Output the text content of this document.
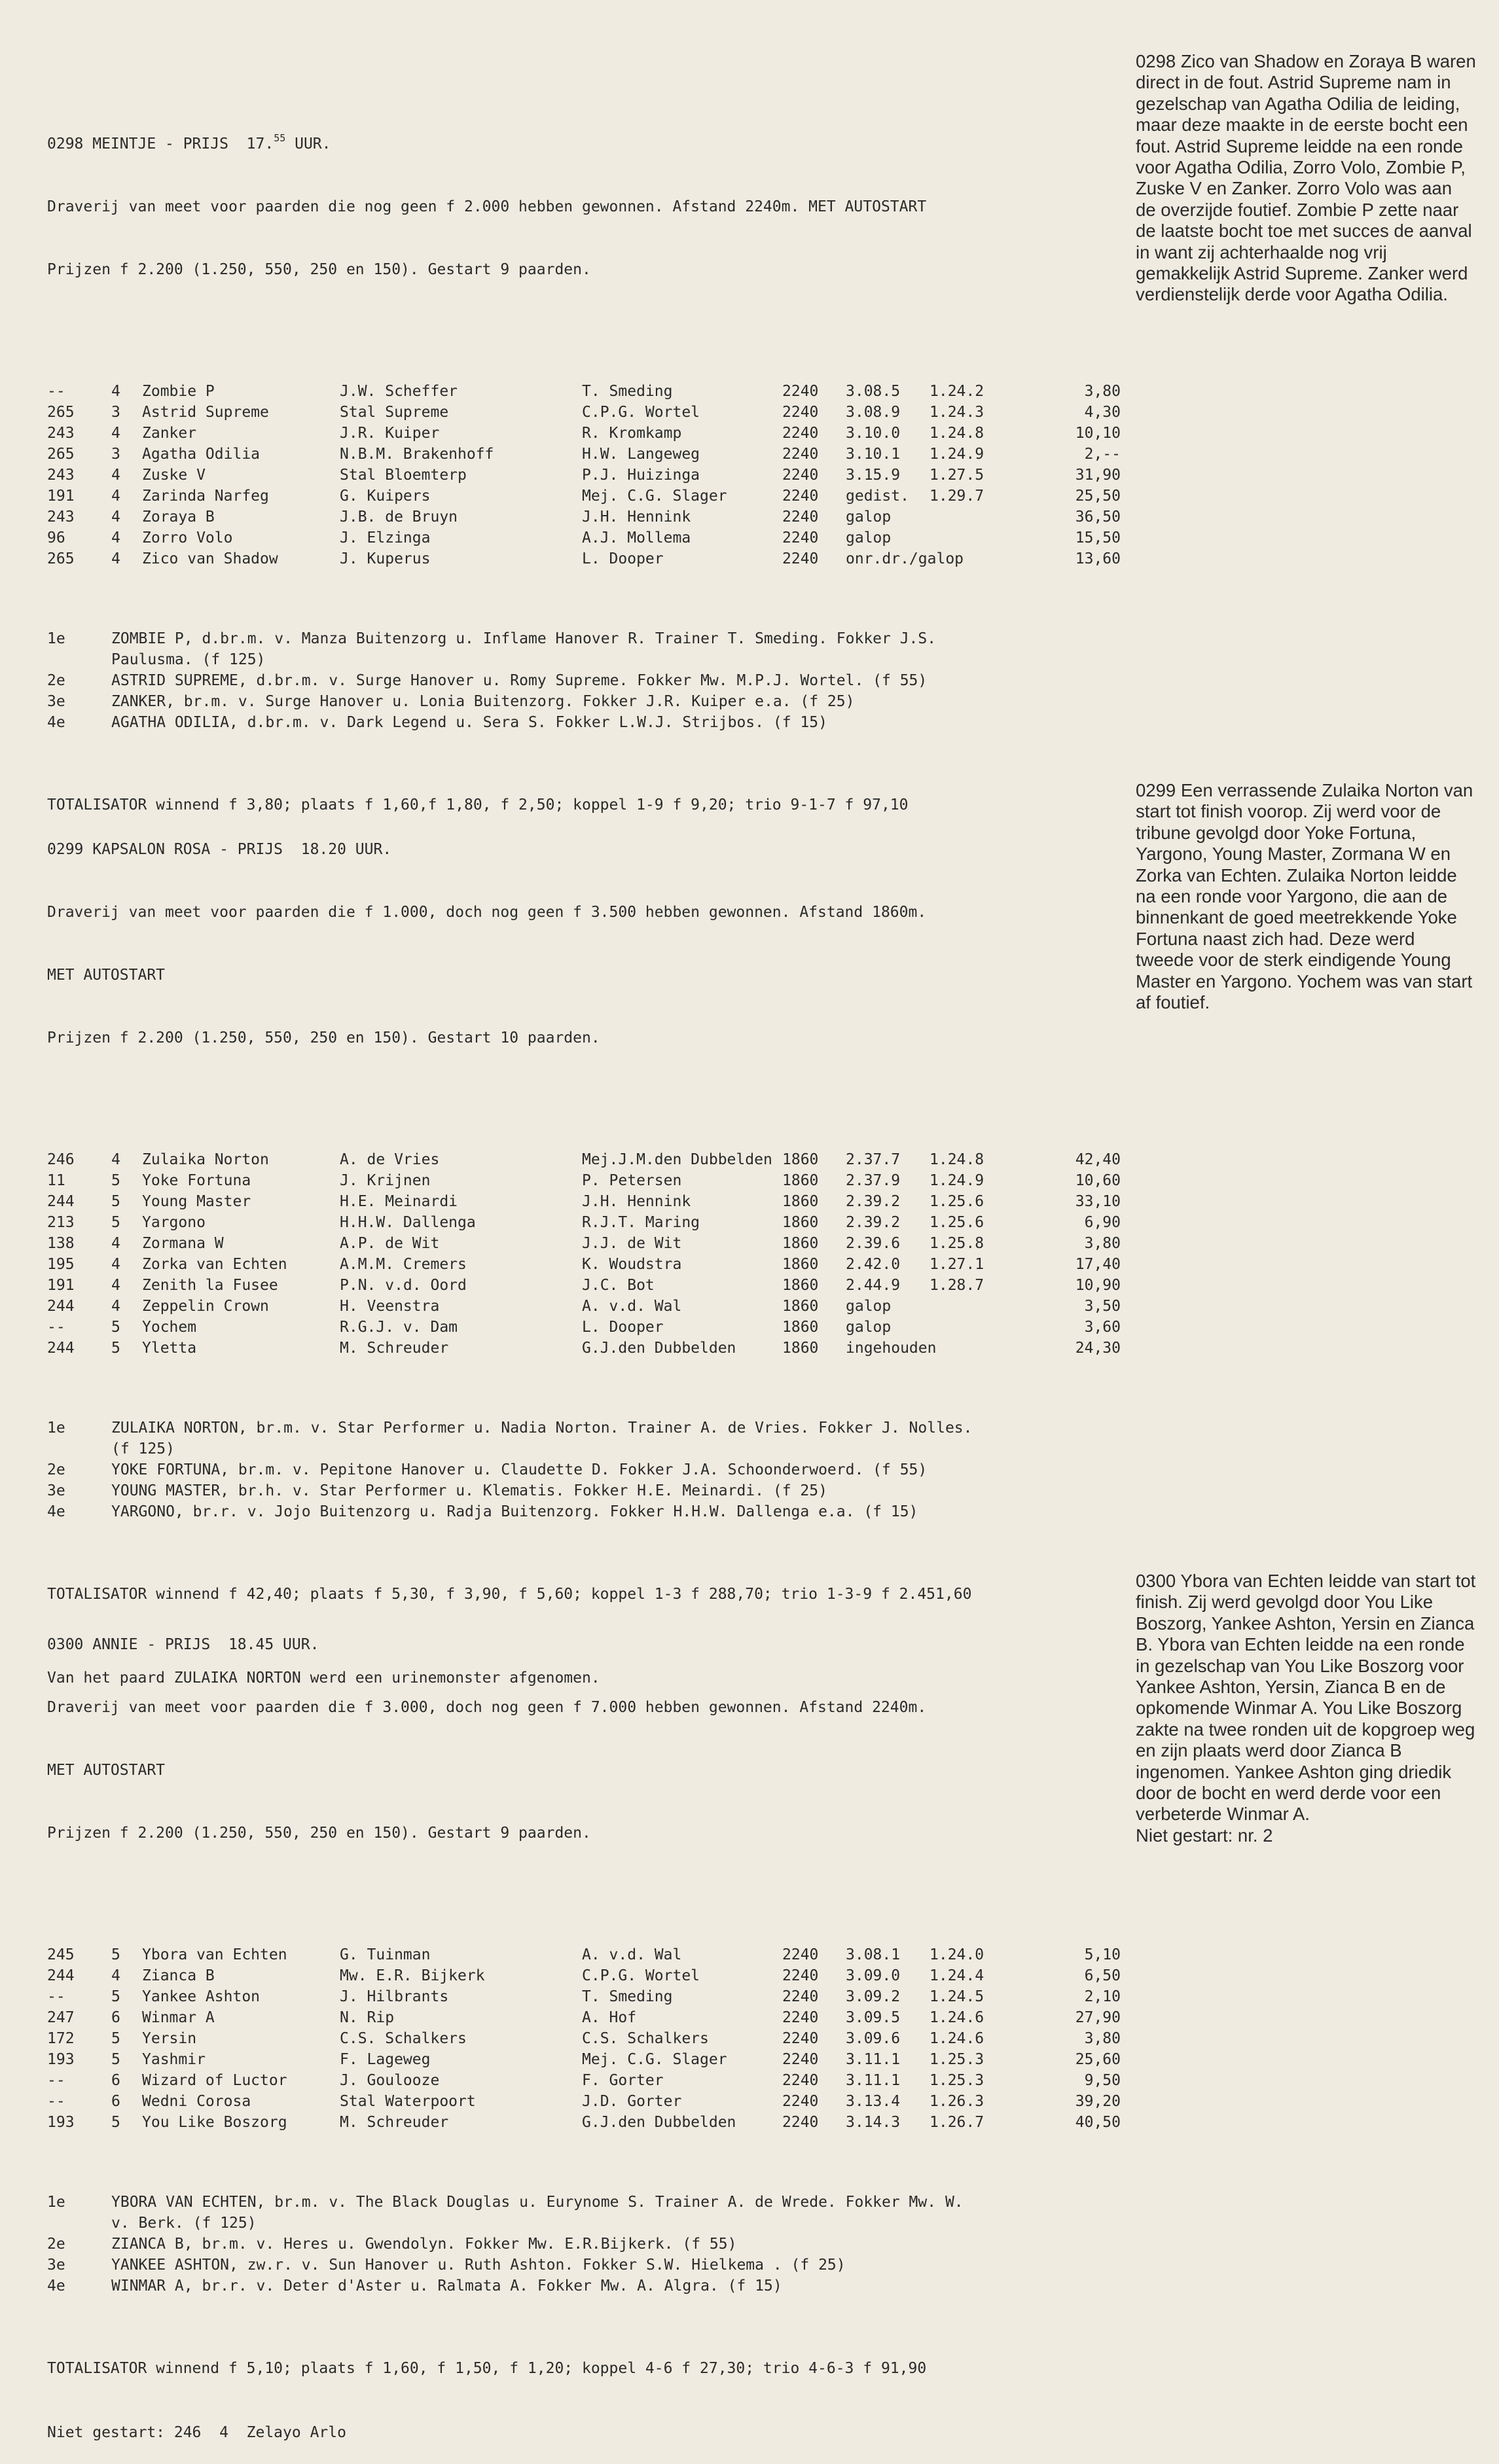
0298 MEINTJE - PRIJS  17.55 UUR.

Draverij van meet voor paarden die nog geen f 2.000 hebben gewonnen. Afstand 2240m. MET AUTOSTART

Prijzen f 2.200 (1.250, 550, 250 en 150). Gestart 9 paarden.

--	4 Zombie P	J.W. Scheffer	T. Smeding	2240 3.08.5 1.24.2	3,80
265 3 Astrid Supreme	Stal Supreme	C.P.G. Wortel	2240 3.08.9 1.24.3	4,30
243 4 Zanker	J.R. Kuiper	R. Kromkamp	2240 3.10.0 1.24.8	10,10
265 3 Agatha Odilia	N.B.M. Brakenhoff	H.W. Langeweg	2240 3.10.1 1.24.9	2,--
243 4 Zuske V	Stal Bloemterp	P.J. Huizinga	2240 3.15.9 1.27.5	31,90
191 4 Zarinda Narfeg	G. Kuipers	Mej. C.G. Slager	2240 gedist. 1.29.7	25,50
243 4 Zoraya B	J.B. de Bruyn	J.H. Hennink	2240 galop	36,50
96	4 Zorro Volo	J. Elzinga	A.J. Mollema	2240 galop	15,50
265 4 Zico van Shadow	J. Kuperus	L. Dooper	2240 onr.dr./galop	13,60

1e	ZOMBIE P, d.br.m. v. Manza Buitenzorg u. Inflame Hanover R. Trainer T. Smeding. Fokker J.S.
Paulusma. (f 125)
2e	ASTRID SUPREME, d.br.m. v. Surge Hanover u. Romy Supreme. Fokker Mw. M.P.J. Wortel. (f 55)
3e	ZANKER, br.m. v. Surge Hanover u. Lonia Buitenzorg. Fokker J.R. Kuiper e.a. (f 25)
4e	AGATHA ODILIA, d.br.m. v. Dark Legend u. Sera S. Fokker L.W.J. Strijbos. (f 15)

TOTALISATOR winnend f 3,80; plaats f 1,60,f 1,80, f 2,50; koppel 1-9 f 9,20; trio 9-1-7 f 97,10

0298 Zico van Shadow en Zoraya B waren direct in de fout. Astrid Supreme nam in gezelschap van Agatha Odilia de leiding, maar deze maakte in de eerste bocht een fout. Astrid Supreme leidde na een ronde voor Agatha Odilia, Zorro Volo, Zombie P, Zuske V en Zanker. Zorro Volo was aan de overzijde foutief. Zombie P zette naar de laatste bocht toe met succes de aanval in want zij achterhaalde nog vrij gemakkelijk Astrid Supreme. Zanker werd verdienstelijk derde voor Agatha Odilia.

0299 KAPSALON ROSA - PRIJS  18.20 UUR.

Draverij van meet voor paarden die f 1.000, doch nog geen f 3.500 hebben gewonnen. Afstand 1860m.

MET AUTOSTART

Prijzen f 2.200 (1.250, 550, 250 en 150). Gestart 10 paarden.

246 4 Zulaika Norton	A. de Vries	Mej.J.M.den Dubbelden 1860 2.37.7 1.24.8	42,40
11	5 Yoke Fortuna	J. Krijnen	P. Petersen	1860 2.37.9 1.24.9	10,60
244 5 Young Master	H.E. Meinardi	J.H. Hennink	1860 2.39.2 1.25.6	33,10
213 5 Yargono	H.H.W. Dallenga	R.J.T. Maring	1860 2.39.2 1.25.6	6,90
138 4 Zormana W	A.P. de Wit	J.J. de Wit	1860 2.39.6 1.25.8	3,80
195 4 Zorka van Echten	A.M.M. Cremers	K. Woudstra	1860 2.42.0 1.27.1	17,40
191 4 Zenith la Fusee	P.N. v.d. Oord	J.C. Bot	1860 2.44.9 1.28.7	10,90
244 4 Zeppelin Crown	H. Veenstra	A. v.d. Wal	1860 galop	3,50
--	5 Yochem	R.G.J. v. Dam	L. Dooper	1860 galop	3,60
244 5 Yletta	M. Schreuder	G.J.den Dubbelden	1860 ingehouden	24,30

1e	ZULAIKA NORTON, br.m. v. Star Performer u. Nadia Norton. Trainer A. de Vries. Fokker J. Nolles.
(f 125)
2e	YOKE FORTUNA, br.m. v. Pepitone Hanover u. Claudette D. Fokker J.A. Schoonderwoerd. (f 55)
3e	YOUNG MASTER, br.h. v. Star Performer u. Klematis. Fokker H.E. Meinardi. (f 25)
4e	YARGONO, br.r. v. Jojo Buitenzorg u. Radja Buitenzorg. Fokker H.H.W. Dallenga e.a. (f 15)

TOTALISATOR winnend f 42,40; plaats f 5,30, f 3,90, f 5,60; koppel 1-3 f 288,70; trio 1-3-9 f 2.451,60

Van het paard ZULAIKA NORTON werd een urinemonster afgenomen.

0299 Een verrassende Zulaika Norton van start tot finish voorop. Zij werd voor de tribune gevolgd door Yoke Fortuna, Yargono, Young Master, Zormana W en Zorka van Echten. Zulaika Norton leidde na een ronde voor Yargono, die aan de binnenkant de goed meetrekkende Yoke Fortuna naast zich had. Deze werd tweede voor de sterk eindigende Young Master en Yargono. Yochem was van start af foutief.

0300 ANNIE - PRIJS  18.45 UUR.

Draverij van meet voor paarden die f 3.000, doch nog geen f 7.000 hebben gewonnen. Afstand 2240m.

MET AUTOSTART

Prijzen f 2.200 (1.250, 550, 250 en 150). Gestart 9 paarden.

245 5 Ybora van Echten	G. Tuinman	A. v.d. Wal	2240 3.08.1 1.24.0	5,10
244 4 Zianca B	Mw. E.R. Bijkerk	C.P.G. Wortel	2240 3.09.0 1.24.4	6,50
--	5 Yankee Ashton	J. Hilbrants	T. Smeding	2240 3.09.2 1.24.5	2,10
247 6 Winmar A	N. Rip	A. Hof	2240 3.09.5 1.24.6	27,90
172 5 Yersin	C.S. Schalkers	C.S. Schalkers	2240 3.09.6 1.24.6	3,80
193 5 Yashmir	F. Lageweg	Mej. C.G. Slager	2240 3.11.1 1.25.3	25,60
--	6 Wizard of Luctor	J. Goulooze	F. Gorter	2240 3.11.1 1.25.3	9,50
--	6 Wedni Corosa	Stal Waterpoort	J.D. Gorter	2240 3.13.4 1.26.3	39,20
193 5 You Like Boszorg	M. Schreuder	G.J.den Dubbelden	2240 3.14.3 1.26.7	40,50

1e	YBORA VAN ECHTEN, br.m. v. The Black Douglas u. Eurynome S. Trainer A. de Wrede. Fokker Mw. W.
v. Berk. (f 125)
2e	ZIANCA B, br.m. v. Heres u. Gwendolyn. Fokker Mw. E.R.Bijkerk. (f 55)
3e	YANKEE ASHTON, zw.r. v. Sun Hanover u. Ruth Ashton. Fokker S.W. Hielkema . (f 25)
4e	WINMAR A, br.r. v. Deter d'Aster u. Ralmata A. Fokker Mw. A. Algra. (f 15)

TOTALISATOR winnend f 5,10; plaats f 1,60, f 1,50, f 1,20; koppel 4-6 f 27,30; trio 4-6-3 f 91,90

Niet gestart: 246  4  Zelayo Arlo

0300 Ybora van Echten leidde van start tot finish. Zij werd gevolgd door You Like Boszorg, Yankee Ashton, Yersin en Zianca B. Ybora van Echten leidde na een ronde in gezelschap van You Like Boszorg voor Yankee Ashton, Yersin, Zianca B en de opkomende Winmar A. You Like Boszorg zakte na twee ronden uit de kopgroep weg en zijn plaats werd door Zianca B ingenomen. Yankee Ashton ging driedik door de bocht en werd derde voor een verbeterde Winmar A.
Niet gestart: nr. 2
